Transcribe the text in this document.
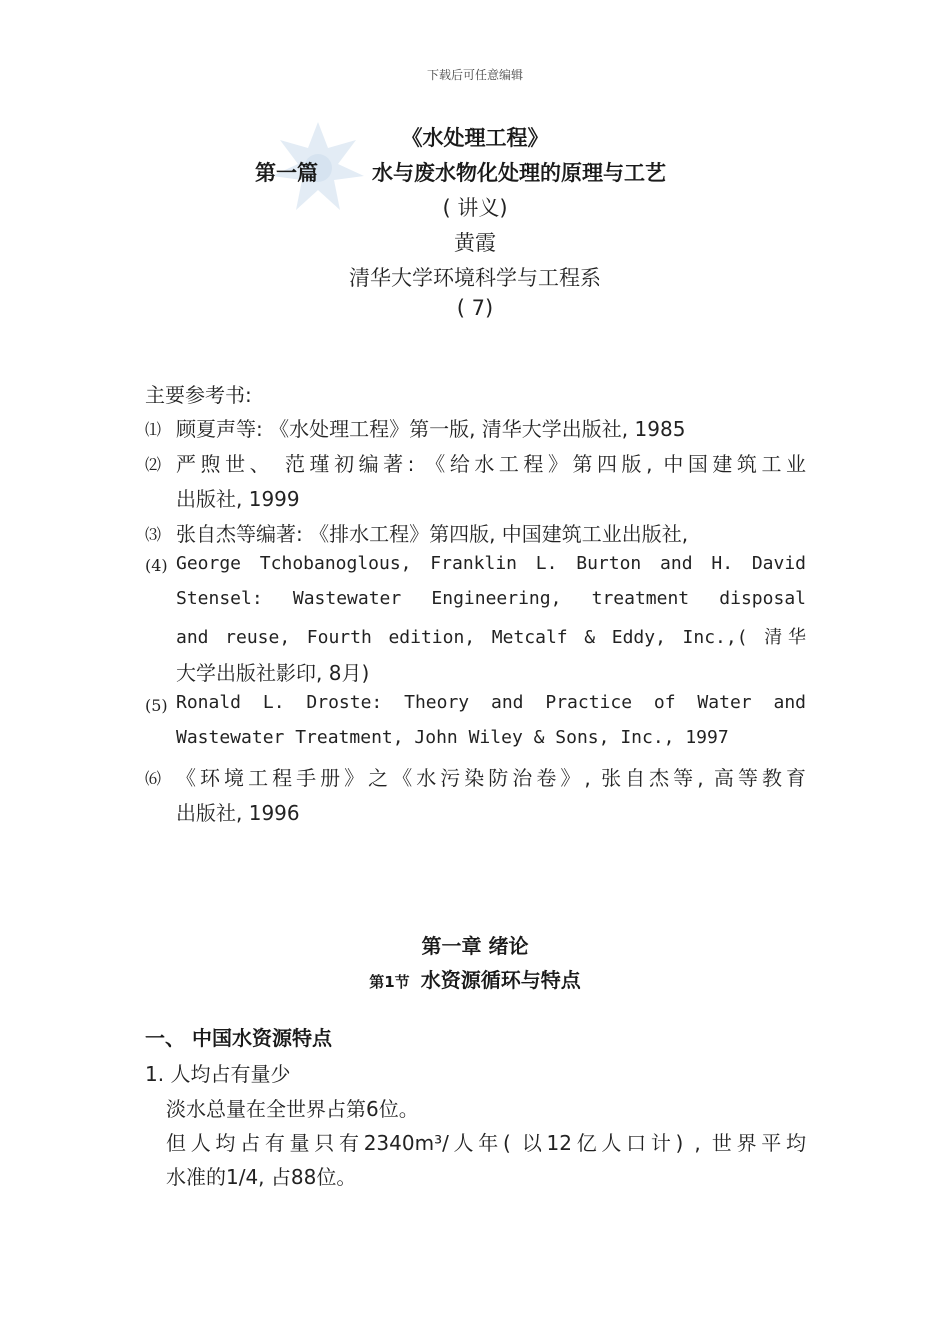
下载后可任意编辑
《水处理工程》
第一篇	水与废水物化处理的原理与工艺
( 讲义)
黄霞
清华大学环境科学与工程系
( 7)
主要参考书:
⑴ 顾夏声等: 《水处理工程》第一版, 清华大学出版社, 1985
⑵ 严煦世、 范瑾初编著: 《给水工程》第四版, 中国建筑工业
出版社, 1999
⑶ 张自杰等编著: 《排水工程》第四版, 中国建筑工业出版社,
(4) George Tchobanoglous, Franklin L. Burton and H. David
Stensel: Wastewater Engineering, treatment disposal
and reuse, Fourth edition, Metcalf & Eddy, Inc.,( 清华
大学出版社影印, 8月)
(5) Ronald L. Droste: Theory and Practice of Water and
Wastewater Treatment, John Wiley & Sons, Inc., 1997
⑹ 《环境工程手册》之《水污染防治卷》, 张自杰等, 高等教育
出版社, 1996
第一章 绪论
第1节 水资源循环与特点
一、 中国水资源特点
1. 人均占有量少
淡水总量在全世界占第6位。
但人均占有量只有2340m³/人年( 以12亿人口计) , 世界平均
水准的1/4, 占88位。
